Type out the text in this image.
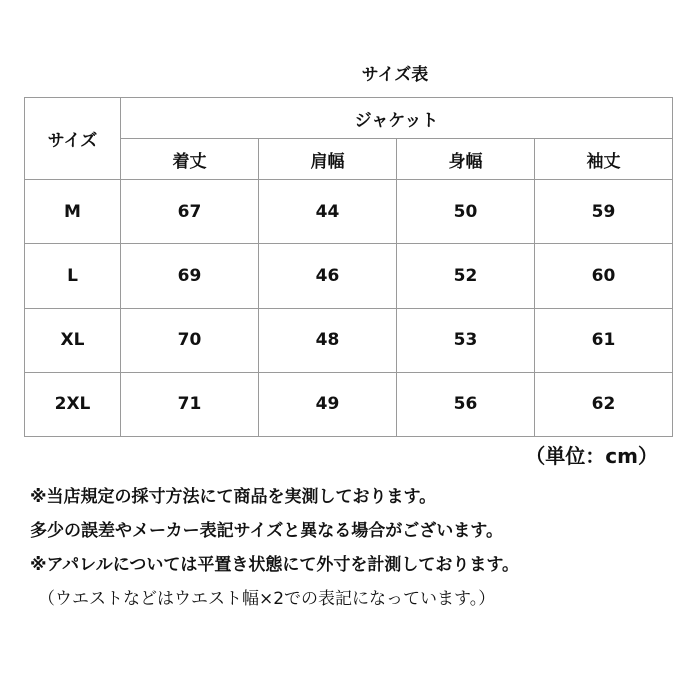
サイズ表
サイズ	ジャケット			
	着丈	肩幅	身幅	袖丈
M	67	44	50	59
L	69	46	52	60
XL	70	48	53	61
2XL	71	49	56	62
（単位：cm）
※当店規定の採寸方法にて商品を実測しております。
多少の誤差やメーカー表記サイズと異なる場合がございます。
※アパレルについては平置き状態にて外寸を計測しております。
（ウエストなどはウエスト幅×2での表記になっています。）
